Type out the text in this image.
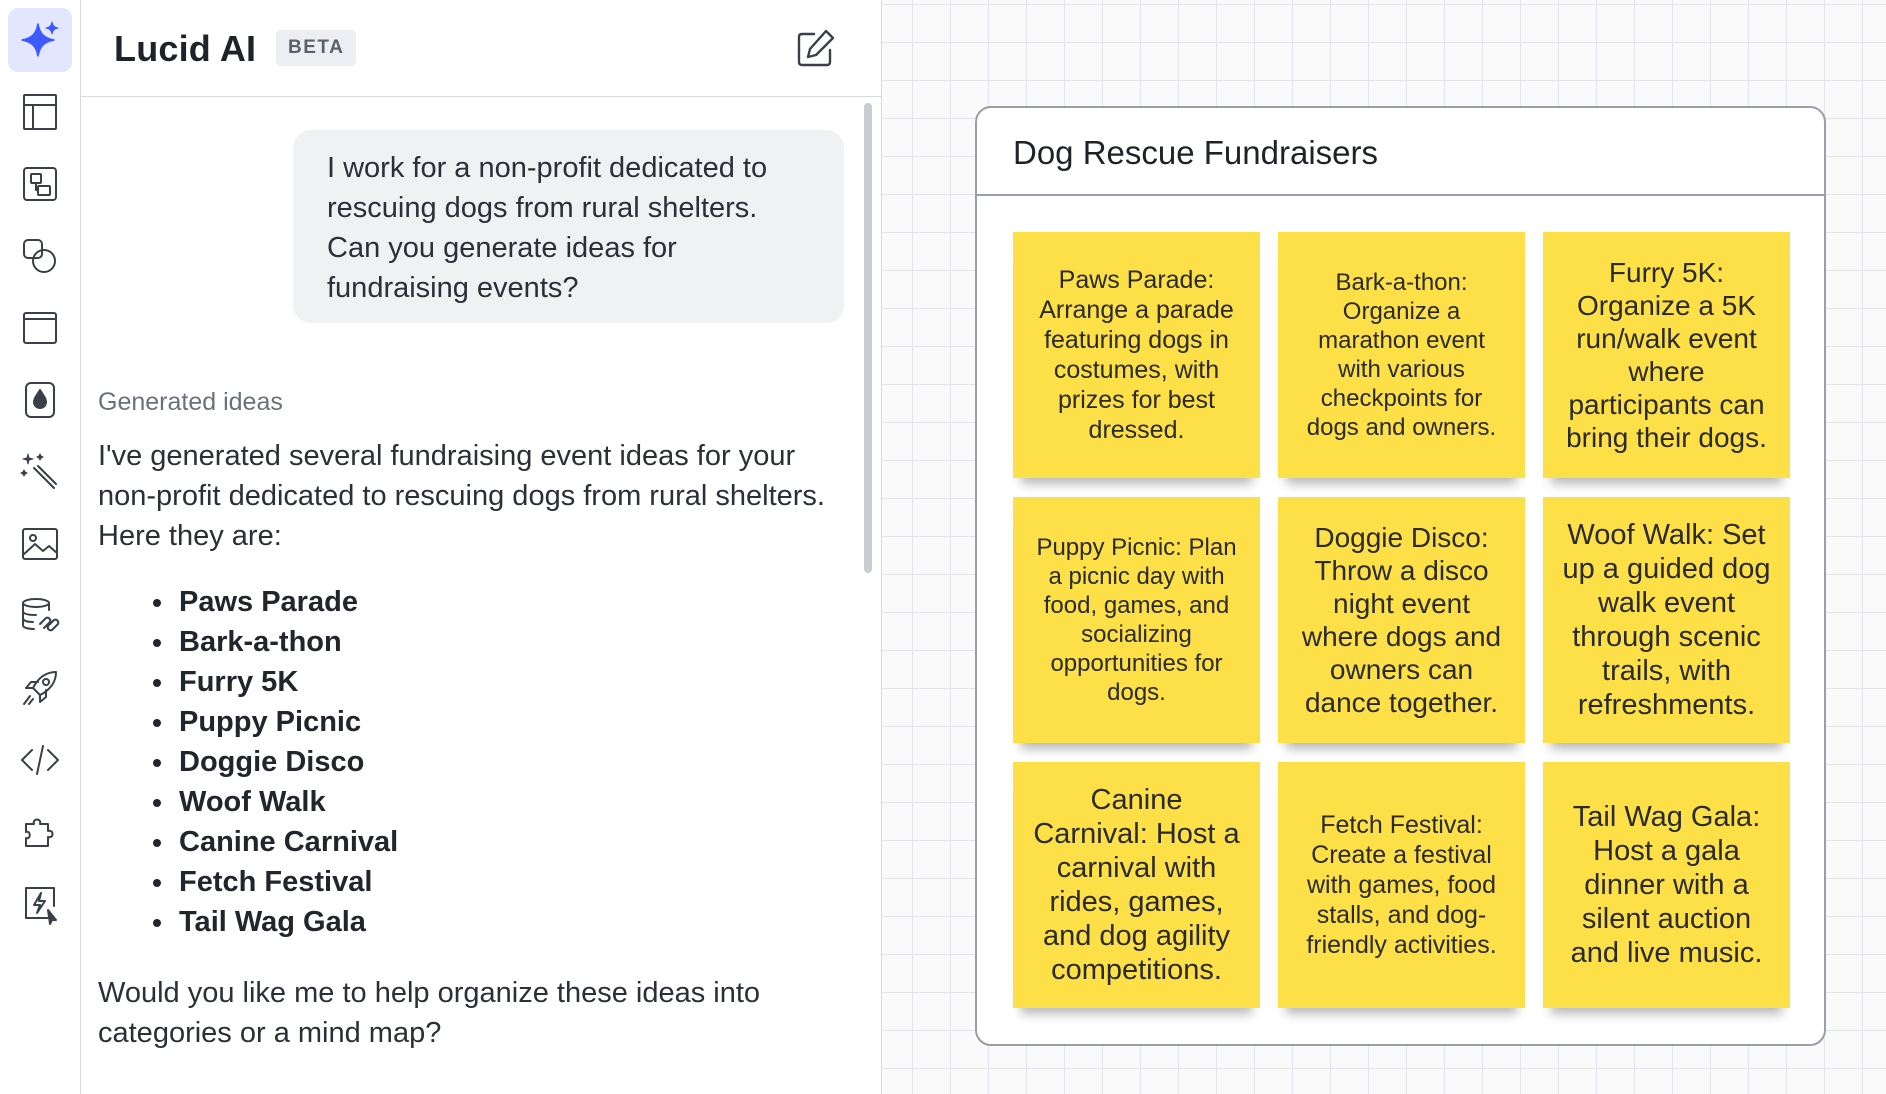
Lucid AI	BETA
I work for a non-profit dedicated to rescuing dogs from rural shelters. Can you generate ideas for fundraising events?
Generated ideas

I've generated several fundraising event ideas for your non-profit dedicated to rescuing dogs from rural shelters. Here they are:

Paws Parade
Bark-a-thon
Furry 5K
Puppy Picnic
Doggie Disco
Woof Walk
Canine Carnival
Fetch Festival
Tail Wag Gala

Would you like me to help organize these ideas into categories or a mind map?

Dog Rescue Fundraisers
Paws Parade: Arrange a parade featuring dogs in costumes, with prizes for best dressed.
Bark-a-thon: Organize a marathon event with various checkpoints for dogs and owners.
Furry 5K: Organize a 5K run/walk event where participants can bring their dogs.
Puppy Picnic: Plan a picnic day with food, games, and socializing opportunities for dogs.
Doggie Disco: Throw a disco night event where dogs and owners can dance together.
Woof Walk: Set up a guided dog walk event through scenic trails, with refreshments.
Canine Carnival: Host a carnival with rides, games, and dog agility competitions.
Fetch Festival: Create a festival with games, food stalls, and dog-friendly activities.
Tail Wag Gala: Host a gala dinner with a silent auction and live music.
